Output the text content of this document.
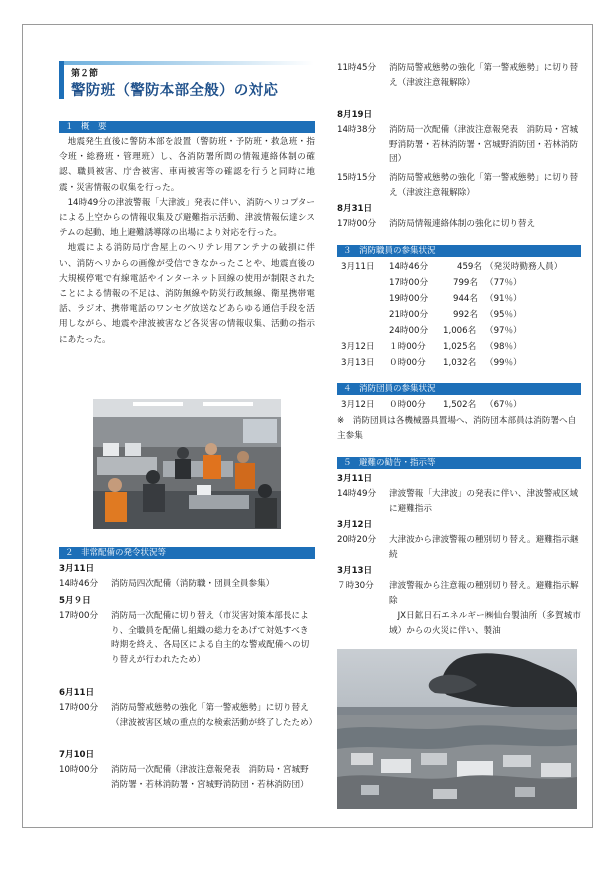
第２節
警防班（警防本部全般）の対応
１ 概　要

地震発生直後に警防本部を設置（警防班・予防班・救急班・指令班・総務班・管理班）し、各消防署所間の情報連絡体制の確認、職員被害、庁舎被害、車両被害等の確認を行うと同時に地震・災害情報の収集を行った。

14時49分の津波警報「大津波」発表に伴い、消防ヘリコプターによる上空からの情報収集及び避難指示活動、津波情報伝達システムの起動、地上避難誘導隊の出場により対応を行った。

地震による消防局庁舎屋上のヘリテレ用アンテナの破損に伴い、消防ヘリからの画像が受信できなかったことや、地震直後の大規模停電で有線電話やインターネット回線の使用が制限されたことによる情報の不足は、消防無線や防災行政無線、衛星携帯電話、ラジオ、携帯電話のワンセグ放送などあらゆる通信手段を活用しながら、地震や津波被害など各災害の情報収集、活動の指示にあたった。

２ 非常配備の発令状況等
3月11日
14時46分 消防局四次配備（消防職・団員全員参集）
5月９日
17時00分 消防局一次配備に切り替え（市災害対策本部長により、全職員を配備し組織の総力をあげて対処すべき時期を終え、各局区による自主的な警戒配備への切り替えが行われたため）
6月11日
17時00分 消防局警戒態勢の強化「第一警戒態勢」に切り替え（津波被害区域の重点的な検索活動が終了したため）
7月10日
10時00分 消防局一次配備（津波注意報発表　消防局・宮城野消防署・若林消防署・宮城野消防団・若林消防団）
11時45分 消防局警戒態勢の強化「第一警戒態勢」に切り替え（津波注意報解除）
8月19日
14時38分 消防局一次配備（津波注意報発表　消防局・宮城野消防署・若林消防署・宮城野消防団・若林消防団）
15時15分 消防局警戒態勢の強化「第一警戒態勢」に切り替え（津波注意報解除）
8月31日
17時00分 消防局情報連絡体制の強化に切り替え
３ 消防職員の参集状況
3月11日 14時46分	459名 （発災時勤務人員）
17時00分	799名 （77％）
19時00分	944名 （91％）
21時00分	992名 （95％）
24時00分 1,006名 （97％）
3月12日 １時00分 1,025名 （98％）
3月13日 ０時00分 1,032名 （99％）
４ 消防団員の参集状況
3月12日 ０時00分 1,502名 （67％）

※　消防団員は各機械器具置場へ、消防団本部員は消防署へ自主参集

５ 避難の勧告・指示等
3月11日
14時49分 津波警報「大津波」の発表に伴い、津波警戒区域に避難指示
3月12日
20時20分 大津波から津波警報の種別切り替え。避難指示継続
3月13日
７時30分 津波警報から注意報の種別切り替え。避難指示解除

JX日鉱日石エネルギー㈱仙台製油所（多賀城市域）からの火災に伴い、製油
